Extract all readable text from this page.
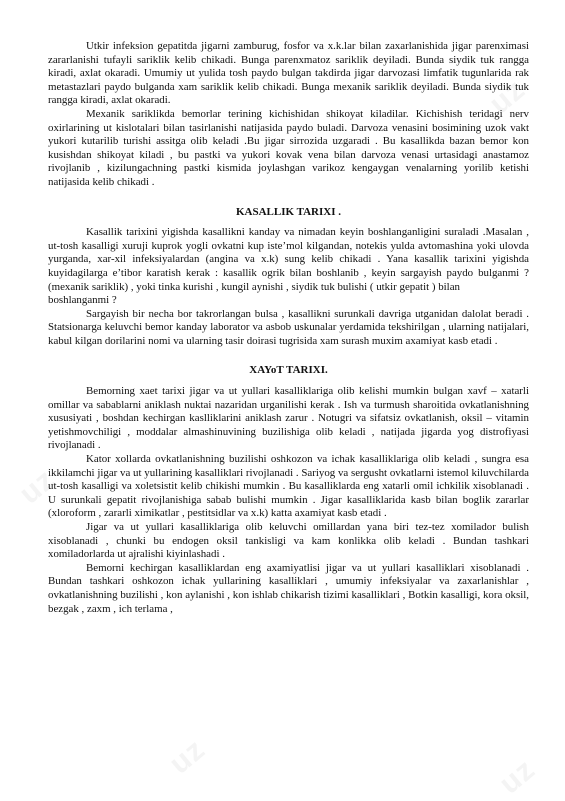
uz
uz
uz	uz

Utkir infeksion gepatitda jigarni zamburug, fosfor va x.k.lar bilan zaxarlanishida jigar parenximasi zararlanishi tufayli sariklik kelib chikadi. Bunga parenxmatoz sariklik deyiladi. Bunda siydik tuk rangga kiradi, axlat okaradi. Umumiy ut yulida tosh paydo bulgan takdirda jigar darvozasi limfatik tugunlarida rak metastazlari paydo bulganda xam sariklik kelib chikadi. Bunga mexanik sariklik deyiladi. Bunda siydik tuk rangga kiradi, axlat okaradi.

Mexanik sariklikda bemorlar terining kichishidan shikoyat kiladilar. Kichishish teridagi nerv oxirlarining ut kislotalari bilan tasirlanishi natijasida paydo buladi. Darvoza venasini bosimining uzok vakt yukori kutarilib turishi assitga olib keladi .Bu jigar sirrozida uzgaradi . Bu kasallikda bazan bemor kon kusishdan shikoyat kiladi , bu pastki va yukori kovak vena bilan darvoza venasi urtasidagi anastamoz rivojlanib , kizilungachning pastki kismida joylashgan varikoz kengaygan venalarning yorilib ketishi natijasida kelib chikadi .

KASALLIK TARIXI .

Kasallik tarixini yigishda kasallikni kanday va nimadan keyin boshlanganligini suraladi .Masalan , ut-tosh kasalligi xuruji kuprok yogli ovkatni kup iste’mol kilgandan, notekis yulda avtomashina yoki ulovda yurganda, xar-xil infeksiyalardan (angina va x.k) sung kelib chikadi . Yana kasallik tarixini yigishda kuyidagilarga e’tibor karatish kerak : kasallik ogrik bilan boshlanib , keyin sargayish paydo bulganmi ? (mexanik sariklik) , yoki tinka kurishi , kungil aynishi , siydik tuk bulishi ( utkir gepatit ) bilan

boshlanganmi ?

Sargayish bir necha bor takrorlangan bulsa , kasallikni surunkali davriga utganidan dalolat beradi . Statsionarga keluvchi bemor kanday laborator va asbob uskunalar yerdamida tekshirilgan , ularning natijalari, kabul kilgan dorilarini nomi va ularning tasir doirasi tugrisida xam surash muxim axamiyat kasb etadi .

XAYoT TARIXI.

Bemorning xaet tarixi jigar va ut yullari kasalliklariga olib kelishi mumkin bulgan xavf – xatarli omillar va sabablarni aniklash nuktai nazaridan urganilishi kerak . Ish va turmush sharoitida ovkatlanishning xususiyati , boshdan kechirgan kaslliklarini aniklash zarur . Notugri va sifatsiz ovkatlanish, oksil – vitamin yetishmovchiligi , moddalar almashinuvining buzilishiga olib keladi , natijada jigarda yog distrofiyasi rivojlanadi .

Kator xollarda ovkatlanishning buzilishi oshkozon va ichak kasalliklariga olib keladi , sungra esa ikkilamchi jigar va ut yullarining kasalliklari rivojlanadi . Sariyog va sergusht ovkatlarni istemol kiluvchilarda ut-tosh kasalligi va xoletsistit kelib chikishi mumkin . Bu kasalliklarda eng xatarli omil ichkilik xisoblanadi . U surunkali gepatit rivojlanishiga sabab bulishi mumkin . Jigar kasalliklarida kasb bilan boglik zararlar (xloroform , zararli ximikatlar , pestitsidlar va x.k) katta axamiyat kasb etadi .

Jigar va ut yullari kasalliklariga olib keluvchi omillardan yana biri tez-tez xomilador bulish xisoblanadi , chunki bu endogen oksil tankisligi va kam konlikka olib keladi . Bundan tashkari xomiladorlarda ut ajralishi kiyinlashadi .

Bemorni kechirgan kasalliklardan eng axamiyatlisi jigar va ut yullari kasalliklari xisoblanadi . Bundan tashkari oshkozon ichak yullarining kasalliklari , umumiy infeksiyalar va zaxarlanishlar , ovkatlanishning buzilishi , kon aylanishi , kon ishlab chikarish tizimi kasalliklari , Botkin kasalligi, kora oksil, bezgak , zaxm , ich terlama ,
